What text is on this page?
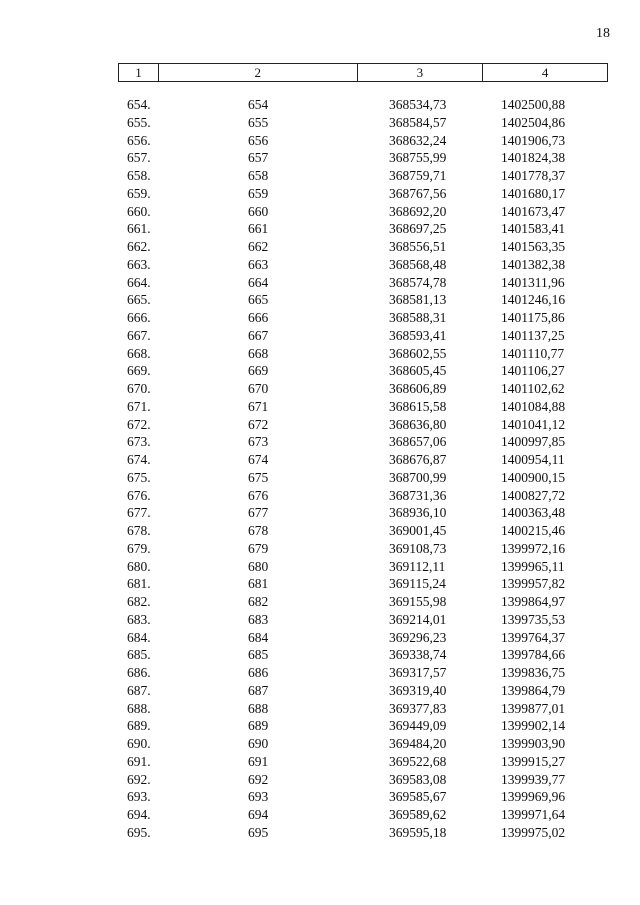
18
1	2	3	4
654.	654	368534,73	1402500,88
655.	655	368584,57	1402504,86
656.	656	368632,24	1401906,73
657.	657	368755,99	1401824,38
658.	658	368759,71	1401778,37
659.	659	368767,56	1401680,17
660.	660	368692,20	1401673,47
661.	661	368697,25	1401583,41
662.	662	368556,51	1401563,35
663.	663	368568,48	1401382,38
664.	664	368574,78	1401311,96
665.	665	368581,13	1401246,16
666.	666	368588,31	1401175,86
667.	667	368593,41	1401137,25
668.	668	368602,55	1401110,77
669.	669	368605,45	1401106,27
670.	670	368606,89	1401102,62
671.	671	368615,58	1401084,88
672.	672	368636,80	1401041,12
673.	673	368657,06	1400997,85
674.	674	368676,87	1400954,11
675.	675	368700,99	1400900,15
676.	676	368731,36	1400827,72
677.	677	368936,10	1400363,48
678.	678	369001,45	1400215,46
679.	679	369108,73	1399972,16
680.	680	369112,11	1399965,11
681.	681	369115,24	1399957,82
682.	682	369155,98	1399864,97
683.	683	369214,01	1399735,53
684.	684	369296,23	1399764,37
685.	685	369338,74	1399784,66
686.	686	369317,57	1399836,75
687.	687	369319,40	1399864,79
688.	688	369377,83	1399877,01
689.	689	369449,09	1399902,14
690.	690	369484,20	1399903,90
691.	691	369522,68	1399915,27
692.	692	369583,08	1399939,77
693.	693	369585,67	1399969,96
694.	694	369589,62	1399971,64
695.	695	369595,18	1399975,02
